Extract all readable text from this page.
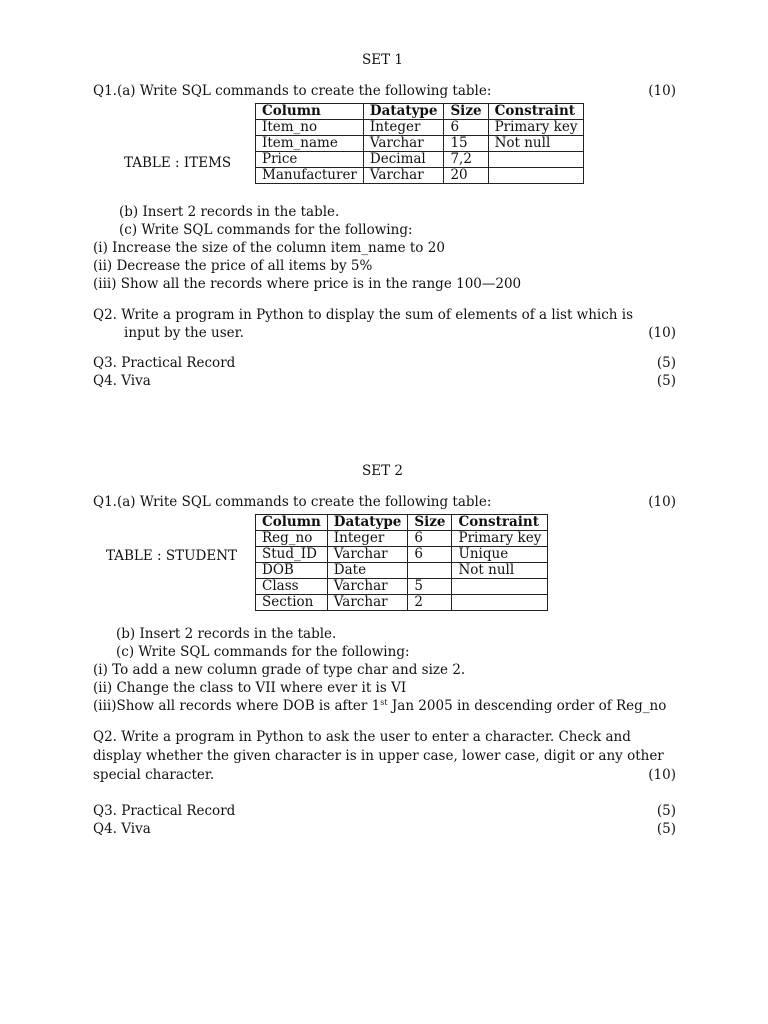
SET 1
Q1.(a) Write SQL commands to create the following table:	(10)
TABLE : ITEMS
Column	Datatype	Size	Constraint
Item_no	Integer	6	Primary key
Item_name	Varchar	15	Not null
Price	Decimal	7,2	
Manufacturer	Varchar	20	
(b) Insert 2 records in the table.
(c) Write SQL commands for the following:
(i) Increase the size of the column item_name to 20
(ii) Decrease the price of all items by 5%
(iii) Show all the records where price is in the range 100—200
Q2. Write a program in Python to display the sum of elements of a list which is
input by the user.	(10)
Q3. Practical Record	(5)
Q4. Viva	(5)
SET 2
Q1.(a) Write SQL commands to create the following table:	(10)
TABLE : STUDENT
Column	Datatype	Size	Constraint
Reg_no	Integer	6	Primary key
Stud_ID	Varchar	6	Unique
DOB	Date		Not null
Class	Varchar	5	
Section	Varchar	2	
(b) Insert 2 records in the table.
(c) Write SQL commands for the following:
(i) To add a new column grade of type char and size 2.
(ii) Change the class to VII where ever it is VI
(iii)Show all records where DOB is after 1st Jan 2005 in descending order of Reg_no
Q2. Write a program in Python to ask the user to enter a character. Check and
display whether the given character is in upper case, lower case, digit or any other
special character.	(10)
Q3. Practical Record	(5)
Q4. Viva	(5)
